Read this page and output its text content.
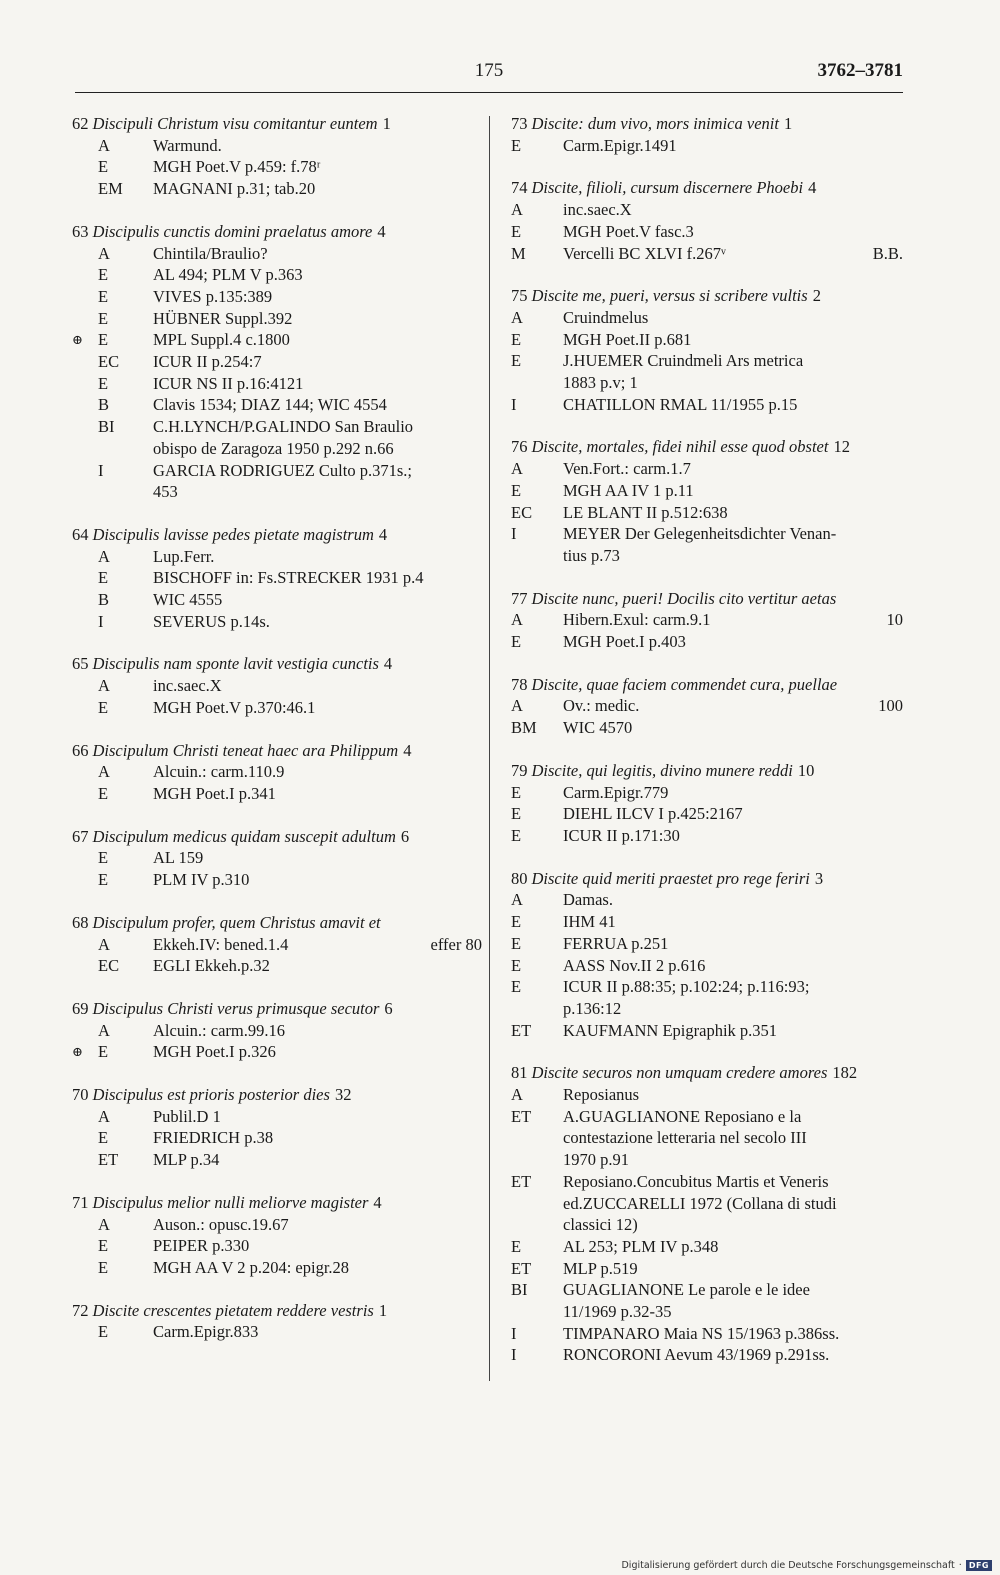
175	3762–3781
62 Discipuli Christum visu comitantur euntem 1
A	Warmund.
E	MGH Poet.V p.459: f.78ʳ
EM	MAGNANI p.31; tab.20
63 Discipulis cunctis domini praelatus amore 4
A	Chintila/Braulio?
E	AL 494; PLM V p.363
E	VIVES p.135:389
E	HÜBNER Suppl.392
⊕ E	MPL Suppl.4 c.1800
EC	ICUR II p.254:7
E	ICUR NS II p.16:4121
B	Clavis 1534; DIAZ 144; WIC 4554
BI	C.H.LYNCH/P.GALINDO San Braulio
obispo de Zaragoza 1950 p.292 n.66
I	GARCIA RODRIGUEZ Culto p.371s.;
453
64 Discipulis lavisse pedes pietate magistrum 4
A	Lup.Ferr.
E	BISCHOFF in: Fs.STRECKER 1931 p.4
B	WIC 4555
I	SEVERUS p.14s.
65 Discipulis nam sponte lavit vestigia cunctis 4
A	inc.saec.X
E	MGH Poet.V p.370:46.1
66 Discipulum Christi teneat haec ara Philippum 4
A	Alcuin.: carm.110.9
E	MGH Poet.I p.341
67 Discipulum medicus quidam suscepit adultum 6
E	AL 159
E	PLM IV p.310
68 Discipulum profer, quem Christus amavit et
A	Ekkeh.IV: bened.1.4	effer 80
EC	EGLI Ekkeh.p.32
69 Discipulus Christi verus primusque secutor 6
A	Alcuin.: carm.99.16
⊕ E	MGH Poet.I p.326
70 Discipulus est prioris posterior dies 32
A	Publil.D 1
E	FRIEDRICH p.38
ET	MLP p.34
71 Discipulus melior nulli meliorve magister 4
A	Auson.: opusc.19.67
E	PEIPER p.330
E	MGH AA V 2 p.204: epigr.28
72 Discite crescentes pietatem reddere vestris 1
E	Carm.Epigr.833
73 Discite: dum vivo, mors inimica venit 1
E	Carm.Epigr.1491
74 Discite, filioli, cursum discernere Phoebi 4
A	inc.saec.X
E	MGH Poet.V fasc.3
M	Vercelli BC XLVI f.267ᵛ	B.B.
75 Discite me, pueri, versus si scribere vultis 2
A	Cruindmelus
E	MGH Poet.II p.681
E	J.HUEMER Cruindmeli Ars metrica
1883 p.v; 1
I	CHATILLON RMAL 11/1955 p.15
76 Discite, mortales, fidei nihil esse quod obstet 12
A	Ven.Fort.: carm.1.7
E	MGH AA IV 1 p.11
EC	LE BLANT II p.512:638
I	MEYER Der Gelegenheitsdichter Venan-
tius p.73
77 Discite nunc, pueri! Docilis cito vertitur aetas
A	Hibern.Exul: carm.9.1	10
E	MGH Poet.I p.403
78 Discite, quae faciem commendet cura, puellae
A	Ov.: medic.	100
BM	WIC 4570
79 Discite, qui legitis, divino munere reddi 10
E	Carm.Epigr.779
E	DIEHL ILCV I p.425:2167
E	ICUR II p.171:30
80 Discite quid meriti praestet pro rege feriri 3
A	Damas.
E	IHM 41
E	FERRUA p.251
E	AASS Nov.II 2 p.616
E	ICUR II p.88:35; p.102:24; p.116:93;
p.136:12
ET	KAUFMANN Epigraphik p.351
81 Discite securos non umquam credere amores 182
A	Reposianus
ET	A.GUAGLIANONE Reposiano e la
contestazione letteraria nel secolo III
1970 p.91
ET	Reposiano.Concubitus Martis et Veneris
ed.ZUCCARELLI 1972 (Collana di studi
classici 12)
E	AL 253; PLM IV p.348
ET	MLP p.519
BI	GUAGLIANONE Le parole e le idee
11/1969 p.32-35
I	TIMPANARO Maia NS 15/1963 p.386ss.
I	RONCORONI Aevum 43/1969 p.291ss.
Digitalisierung gefördert durch die Deutsche Forschungsgemeinschaft · DFG
